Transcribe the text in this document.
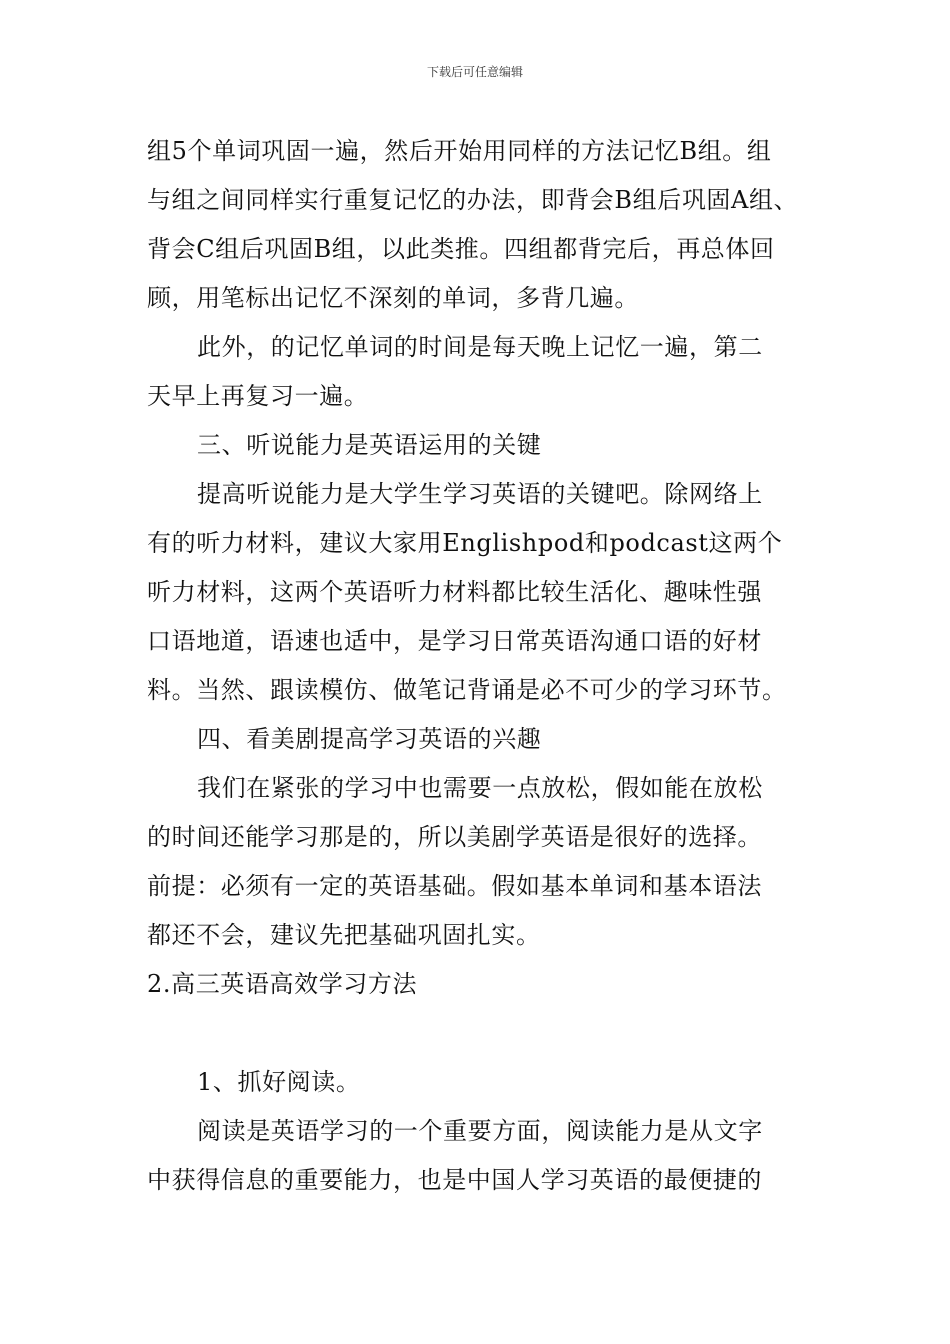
下载后可任意编辑
组5个单词巩固一遍，然后开始用同样的方法记忆B组。组
与组之间同样实行重复记忆的办法，即背会B组后巩固A组、
背会C组后巩固B组，以此类推。四组都背完后，再总体回
顾，用笔标出记忆不深刻的单词，多背几遍。
此外，的记忆单词的时间是每天晚上记忆一遍，第二
天早上再复习一遍。
三、听说能力是英语运用的关键
提高听说能力是大学生学习英语的关键吧。除网络上
有的听力材料，建议大家用Englishpod和podcast这两个
听力材料，这两个英语听力材料都比较生活化、趣味性强
口语地道，语速也适中，是学习日常英语沟通口语的好材
料。当然、跟读模仿、做笔记背诵是必不可少的学习环节。
四、看美剧提高学习英语的兴趣
我们在紧张的学习中也需要一点放松，假如能在放松
的时间还能学习那是的，所以美剧学英语是很好的选择。
前提：必须有一定的英语基础。假如基本单词和基本语法
都还不会，建议先把基础巩固扎实。
2.高三英语高效学习方法
1、抓好阅读。
阅读是英语学习的一个重要方面，阅读能力是从文字
中获得信息的重要能力，也是中国人学习英语的最便捷的
